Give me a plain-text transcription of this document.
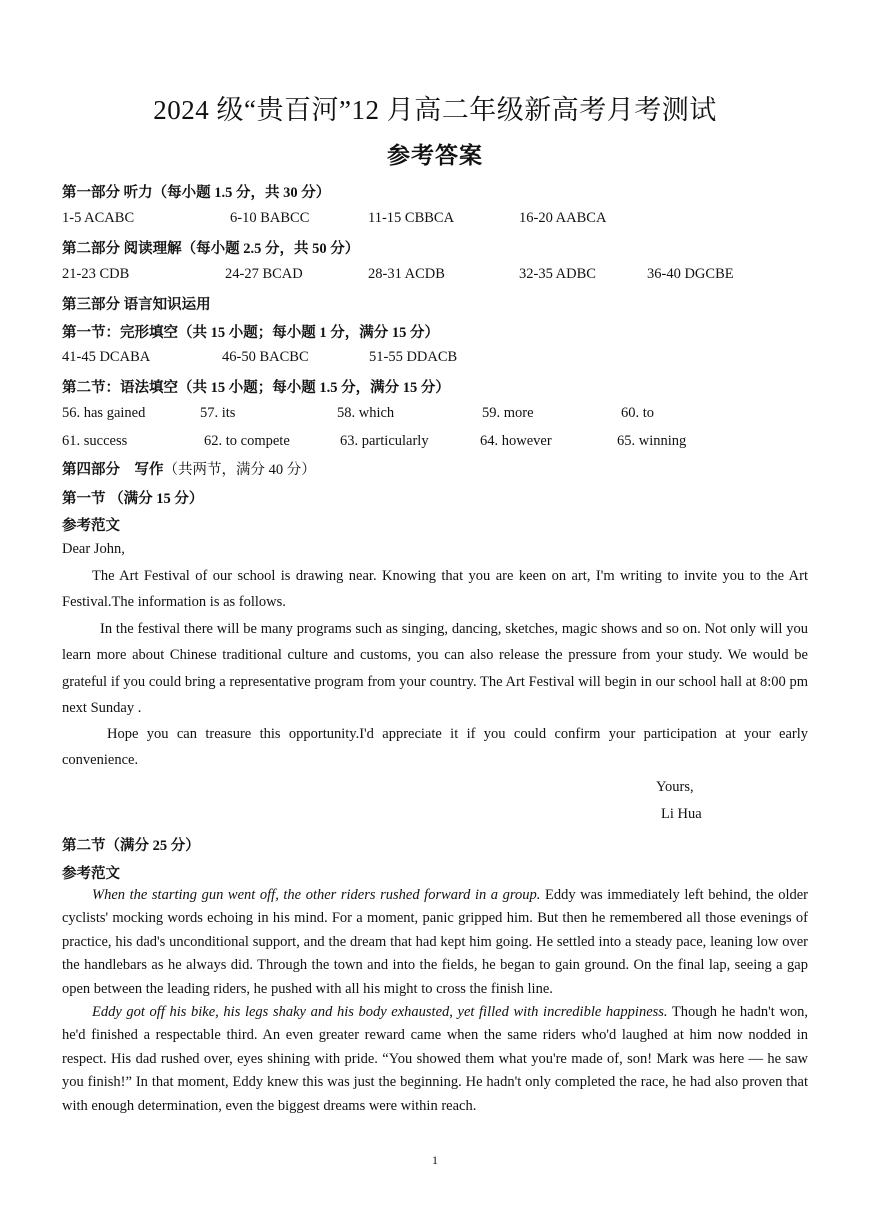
2024 级“贵百河”12 月高二年级新高考月考测试
参考答案
第一部分 听力（每小题 1.5 分，共 30 分）
1-5 ACABC	6-10 BABCC	11-15 CBBCA	16-20 AABCA
第二部分 阅读理解（每小题 2.5 分，共 50 分）
21-23 CDB	24-27 BCAD	28-31 ACDB	32-35 ADBC	36-40 DGCBE
第三部分 语言知识运用
第一节：完形填空（共 15 小题；每小题 1 分，满分 15 分）
41-45 DCABA	46-50 BACBC	51-55 DDACB
第二节：语法填空（共 15 小题；每小题 1.5 分，满分 15 分）
56. has gained	57. its	58. which	59. more	60. to
61. success	62. to compete	63. particularly	64. however	65. winning
第四部分　写作（共两节，满分 40 分）
第一节 （满分 15 分）
参考范文
Dear John,
The Art Festival of our school is drawing near. Knowing that you are keen on art, I'm writing to invite you to the Art Festival.The information is as follows.
In the festival there will be many programs such as singing, dancing, sketches, magic shows and so on. Not only will you learn more about Chinese traditional culture and customs, you can also release the pressure from your study. We would be grateful if you could bring a representative program from your country. The Art Festival will begin in our school hall at 8:00 pm next Sunday .
Hope you can treasure this opportunity.I'd appreciate it if you could confirm your participation at your early convenience.
Yours,
Li Hua
第二节（满分 25 分）
参考范文
When the starting gun went off, the other riders rushed forward in a group. Eddy was immediately left behind, the older cyclists' mocking words echoing in his mind. For a moment, panic gripped him. But then he remembered all those evenings of practice, his dad's unconditional support, and the dream that had kept him going. He settled into a steady pace, leaning low over the handlebars as he always did. Through the town and into the fields, he began to gain ground. On the final lap, seeing a gap open between the leading riders, he pushed with all his might to cross the finish line.
Eddy got off his bike, his legs shaky and his body exhausted, yet filled with incredible happiness. Though he hadn't won, he'd finished a respectable third. An even greater reward came when the same riders who'd laughed at him now nodded in respect. His dad rushed over, eyes shining with pride. “You showed them what you're made of, son! Mark was here — he saw you finish!” In that moment, Eddy knew this was just the beginning. He hadn't only completed the race, he had also proven that with enough determination, even the biggest dreams were within reach.
1
